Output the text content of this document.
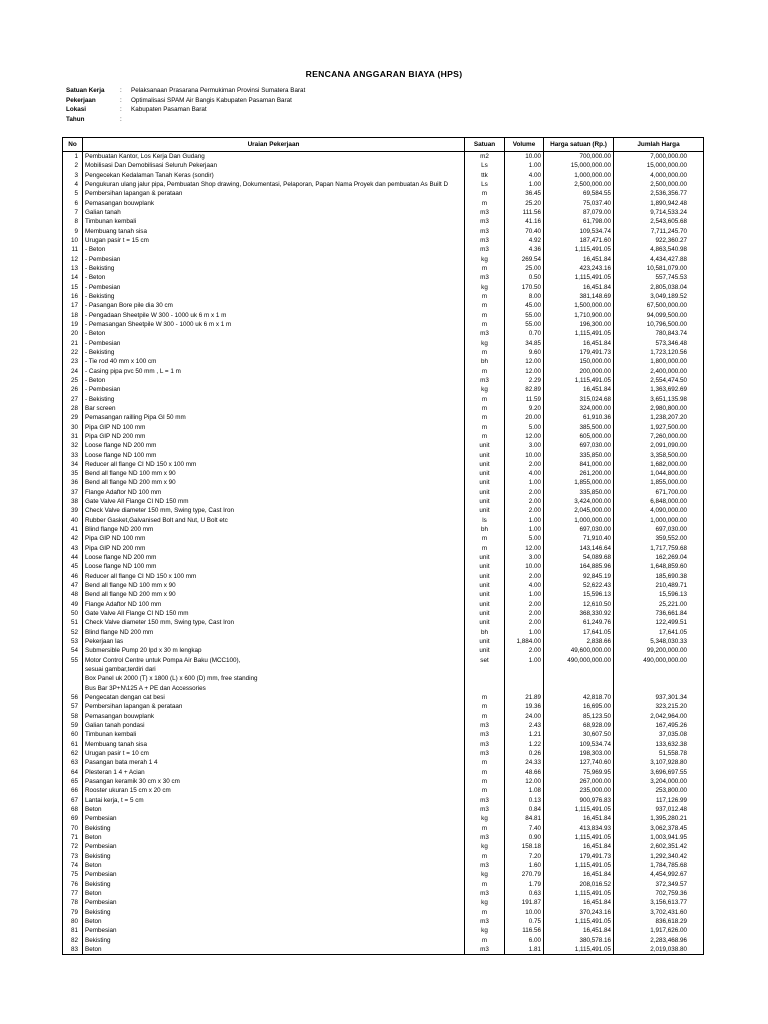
RENCANA ANGGARAN BIAYA (HPS)
Satuan Kerja : Pelaksanaan Prasarana Permukiman Provinsi Sumatera Barat
Pekerjaan	: Optimalisasi SPAM Air Bangis Kabupaten Pasaman Barat
Lokasi	: Kabupaten Pasaman Barat
Tahun	:
No	Uraian Pekerjaan	Satuan	Volume	Harga satuan (Rp.)	Jumlah Harga
1	Pembuatan Kantor, Los Kerja Dan Gudang	m2	10.00	700,000.00	7,000,000.00
2	Mobilisasi Dan Demobilisasi Seluruh Pekerjaan	Ls	1.00	15,000,000.00	15,000,000.00
3	Pengecekan Kedalaman Tanah Keras (sondir)	ttk	4.00	1,000,000.00	4,000,000.00
4	Pengukuran ulang jalur pipa, Pembuatan Shop drawing, Dokumentasi, Pelaporan, Papan Nama Proyek dan pembuatan As Built D	Ls	1.00	2,500,000.00	2,500,000.00
5	Pembersihan lapangan & perataan	m	36.45	69,584.55	2,536,356.77
6	Pemasangan bouwplank	m	25.20	75,037.40	1,890,942.48
7	Galian tanah	m3	111.56	87,079.00	9,714,533.24
8	Timbunan kembali	m3	41.16	61,798.00	2,543,605.68
9	Membuang tanah sisa	m3	70.40	109,534.74	7,711,245.70
10	Urugan pasir t = 15 cm	m3	4.92	187,471.60	922,360.27
11	- Beton	m3	4.36	1,115,491.05	4,863,540.98
12	- Pembesian	kg	269.54	16,451.84	4,434,427.88
13	- Bekisting	m	25.00	423,243.16	10,581,079.00
14	- Beton	m3	0.50	1,115,491.05	557,745.53
15	- Pembesian	kg	170.50	16,451.84	2,805,038.04
16	- Bekisting	m	8.00	381,148.69	3,049,189.52
17	- Pasangan Bore pile dia 30 cm	m	45.00	1,500,000.00	67,500,000.00
18	- Pengadaan Sheetpile W 300 - 1000 uk 6 m x 1 m	m	55.00	1,710,900.00	94,099,500.00
19	- Pemasangan Sheetpile W 300 - 1000 uk 6 m x 1 m	m	55.00	196,300.00	10,796,500.00
20	- Beton	m3	0.70	1,115,491.05	780,843.74
21	- Pembesian	kg	34.85	16,451.84	573,346.48
22	- Bekisting	m	9.60	179,491.73	1,723,120.56
23	- Tie rod 40 mm x 100 cm	bh	12.00	150,000.00	1,800,000.00
24	- Casing pipa pvc 50 mm , L = 1 m	m	12.00	200,000.00	2,400,000.00
25	- Beton	m3	2.29	1,115,491.05	2,554,474.50
26	- Pembesian	kg	82.89	16,451.84	1,363,692.69
27	- Bekisting	m	11.59	315,024.68	3,651,135.98
28	Bar screen	m	9.20	324,000.00	2,980,800.00
29	Pemasangan railling Pipa GI 50 mm	m	20.00	61,910.36	1,238,207.20
30	Pipa GIP ND 100 mm	m	5.00	385,500.00	1,927,500.00
31	Pipa GIP ND 200 mm	m	12.00	605,000.00	7,260,000.00
32	Loose flange ND 200 mm	unit	3.00	697,030.00	2,091,090.00
33	Loose flange ND 100 mm	unit	10.00	335,850.00	3,358,500.00
34	Reducer all flange CI ND 150 x 100 mm	unit	2.00	841,000.00	1,682,000.00
35	Bend all flange ND 100 mm x 90	unit	4.00	261,200.00	1,044,800.00
36	Bend all flange ND 200 mm x 90	unit	1.00	1,855,000.00	1,855,000.00
37	Flange Adaftor ND 100 mm	unit	2.00	335,850.00	671,700.00
38	Gate Valve All Flange CI ND 150 mm	unit	2.00	3,424,000.00	6,848,000.00
39	Check Valve diameter 150 mm, Swing type, Cast Iron	unit	2.00	2,045,000.00	4,090,000.00
40	Rubber Gasket,Galvanised Bolt and Nut, U Bolt etc	ls	1.00	1,000,000.00	1,000,000.00
41	Blind flange ND 200 mm	bh	1.00	697,030.00	697,030.00
42	Pipa GIP ND 100 mm	m	5.00	71,910.40	359,552.00
43	Pipa GIP ND 200 mm	m	12.00	143,146.64	1,717,759.68
44	Loose flange ND 200 mm	unit	3.00	54,089.68	162,269.04
45	Loose flange ND 100 mm	unit	10.00	164,885.96	1,648,859.60
46	Reducer all flange CI ND 150 x 100 mm	unit	2.00	92,845.19	185,690.38
47	Bend all flange ND 100 mm x 90	unit	4.00	52,622.43	210,489.71
48	Bend all flange ND 200 mm x 90	unit	1.00	15,596.13	15,596.13
49	Flange Adaftor ND 100 mm	unit	2.00	12,610.50	25,221.00
50	Gate Valve All Flange CI ND 150 mm	unit	2.00	368,330.92	736,661.84
51	Check Valve diameter 150 mm, Swing type, Cast Iron	unit	2.00	61,249.76	122,499.51
52	Blind flange ND 200 mm	bh	1.00	17,641.05	17,641.05
53	Pekerjaan las	unit	1,884.00	2,838.66	5,348,030.33
54	Submersible Pump 20 lpd x 30 m lengkap	unit	2.00	49,600,000.00	99,200,000.00
55	Motor Control Centre untuk Pompa Air Baku (MCC100),
sesuai gambar,terdiri dari
Box Panel uk 2000 (T) x 1800 (L) x 600 (D) mm, free standing
Bus Bar 3P+N\125 A + PE dan Accessories
set	1.00	490,000,000.00	490,000,000.00
56	Pengecatan dengan cat besi	m	21.89	42,818.70	937,301.34
57	Pembersihan lapangan & perataan	m	19.36	16,695.00	323,215.20
58	Pemasangan bouwplank	m	24.00	85,123.50	2,042,964.00
59	Galian tanah pondasi	m3	2.43	68,928.09	167,495.26
60	Timbunan kembali	m3	1.21	30,607.50	37,035.08
61	Membuang tanah sisa	m3	1.22	109,534.74	133,632.38
62	Urugan pasir t = 10 cm	m3	0.26	198,303.00	51,558.78
63	Pasangan bata merah 1 4	m	24.33	127,740.60	3,107,928.80
64	Plesteran 1 4 + Acian	m	48.66	75,969.95	3,696,697.55
65	Pasangan keramik 30 cm x 30 cm	m	12.00	267,000.00	3,204,000.00
66	Rooster ukuran 15 cm x 20 cm	m	1.08	235,000.00	253,800.00
67	Lantai kerja, t = 5 cm	m3	0.13	900,976.83	117,126.99
68	Beton	m3	0.84	1,115,491.05	937,012.48
69	Pembesian	kg	84.81	16,451.84	1,395,280.21
70	Bekisting	m	7.40	413,834.93	3,062,378.45
71	Beton	m3	0.90	1,115,491.05	1,003,941.95
72	Pembesian	kg	158.18	16,451.84	2,602,351.42
73	Bekisting	m	7.20	179,491.73	1,292,340.42
74	Beton	m3	1.60	1,115,491.05	1,784,785.68
75	Pembesian	kg	270.79	16,451.84	4,454,992.67
76	Bekisting	m	1.79	208,016.52	372,349.57
77	Beton	m3	0.63	1,115,491.05	702,759.36
78	Pembesian	kg	191.87	16,451.84	3,156,613.77
79	Bekisting	m	10.00	370,243.16	3,702,431.60
80	Beton	m3	0.75	1,115,491.05	836,618.29
81	Pembesian	kg	116.56	16,451.84	1,917,626.00
82	Bekisting	m	6.00	380,578.16	2,283,468.96
83	Beton	m3	1.81	1,115,491.05	2,019,038.80
